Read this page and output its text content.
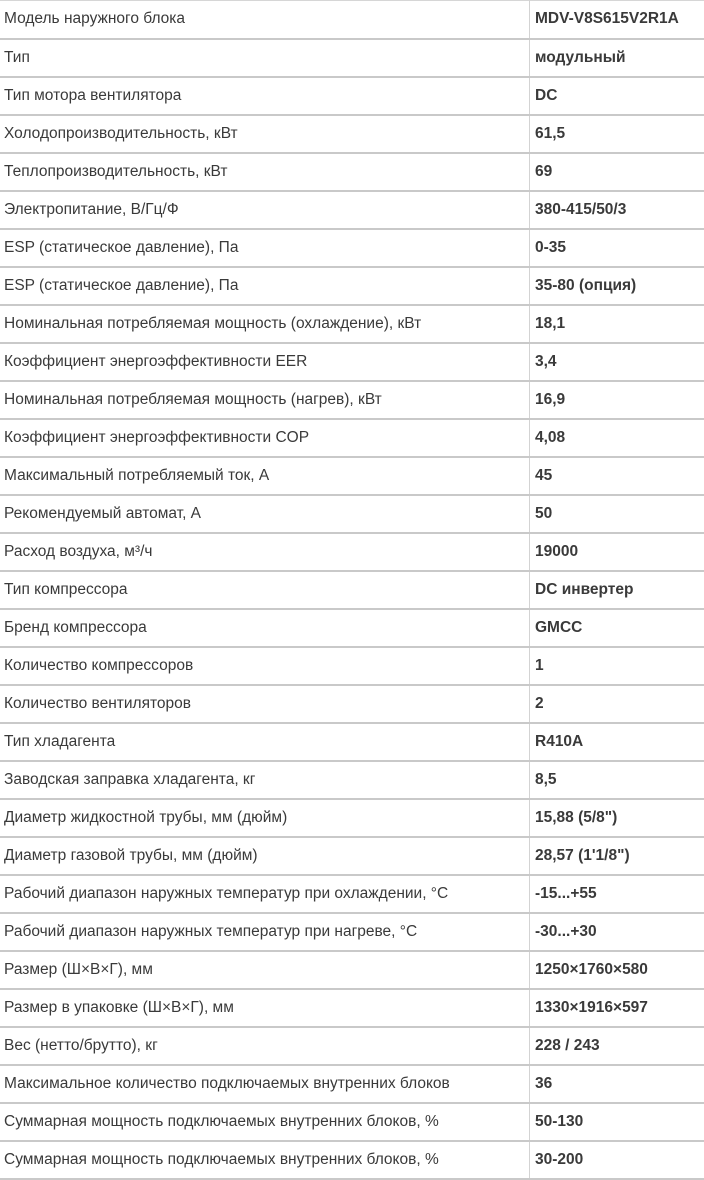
Модель наружного блока	MDV-V8S615V2R1A
Тип	модульный
Тип мотора вентилятора	DC
Холодопроизводительность, кВт	61,5
Теплопроизводительность, кВт	69
Электропитание, В/Гц/Ф	380-415/50/3
ESP (статическое давление), Па	0-35
ESP (статическое давление), Па	35-80 (опция)
Номинальная потребляемая мощность (охлаждение), кВт	18,1
Коэффициент энергоэффективности EER	3,4
Номинальная потребляемая мощность (нагрев), кВт	16,9
Коэффициент энергоэффективности COP	4,08
Максимальный потребляемый ток, А	45
Рекомендуемый автомат, А	50
Расход воздуха, м³/ч	19000
Тип компрессора	DC инвертер
Бренд компрессора	GMCC
Количество компрессоров	1
Количество вентиляторов	2
Тип хладагента	R410A
Заводская заправка хладагента, кг	8,5
Диаметр жидкостной трубы, мм (дюйм)	15,88 (5/8")
Диаметр газовой трубы, мм (дюйм)	28,57 (1'1/8")
Рабочий диапазон наружных температур при охлаждении, °С	-15...+55
Рабочий диапазон наружных температур при нагреве, °С	-30...+30
Размер (Ш×В×Г), мм	1250×1760×580
Размер в упаковке (Ш×В×Г), мм	1330×1916×597
Вес (нетто/брутто), кг	228 / 243
Максимальное количество подключаемых внутренних блоков	36
Суммарная мощность подключаемых внутренних блоков, %	50-130
Суммарная мощность подключаемых внутренних блоков, %	30-200
